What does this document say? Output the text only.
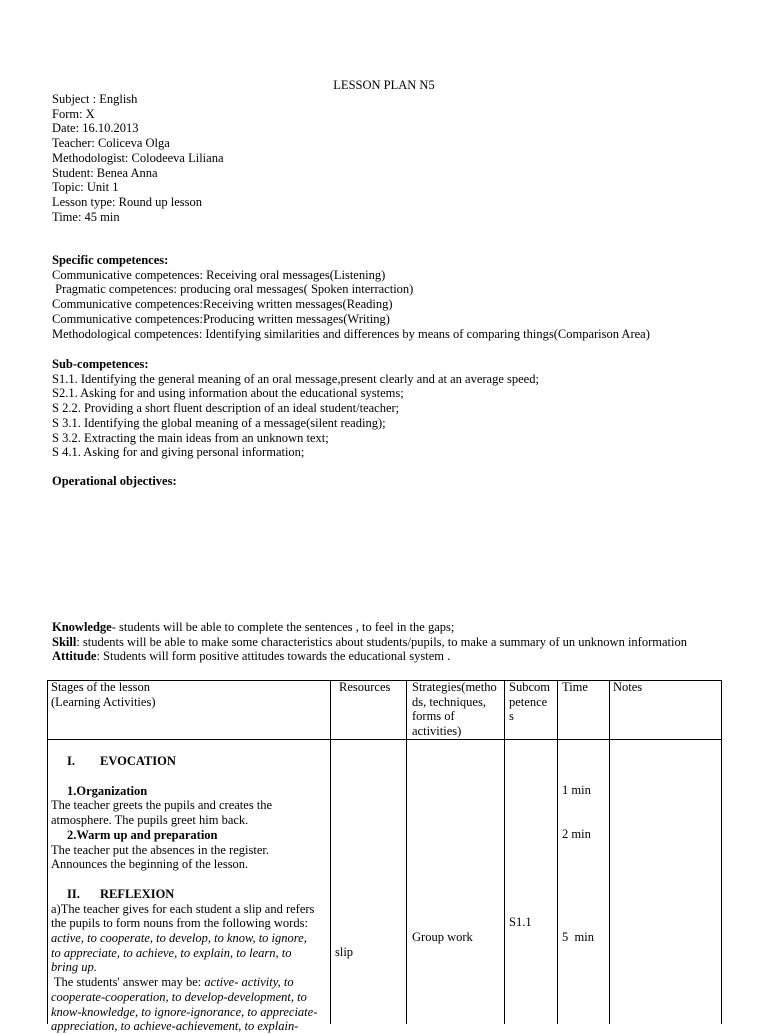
LESSON PLAN N5
Subject : English
Form: X
Date: 16.10.2013
Teacher: Coliceva Olga
Methodologist: Colodeeva Liliana
Student: Benea Anna
Topic: Unit 1
Lesson type: Round up lesson
Time: 45 min
Specific competences:
Communicative competences: Receiving oral messages(Listening)
Pragmatic competences: producing oral messages( Spoken interraction)
Communicative competences:Receiving written messages(Reading)
Communicative competences:Producing written messages(Writing)
Methodological competences: Identifying similarities and differences by means of comparing things(Comparison Area)
Sub-competences:
S1.1. Identifying the general meaning of an oral message,present clearly and at an average speed;
S2.1. Asking for and using information about the educational systems;
S 2.2. Providing a short fluent description of an ideal student/teacher;
S 3.1. Identifying the global meaning of a message(silent reading);
S 3.2. Extracting the main ideas from an unknown text;
S 4.1. Asking for and giving personal information;
Operational objectives:
Knowledge- students will be able to complete the sentences , to feel in the gaps;
Skill: students will be able to make some characteristics about students/pupils, to make a summary of un unknown information
Attitude: Students will form positive attitudes towards the educational system .
Stages of the lesson
(Learning Activities)
Resources Strategies(metho
ds, techniques,
forms of
activities)
Subcom
petence
s
Time Notes
I. EVOCATION
1.Organization
The teacher greets the pupils and creates the
atmosphere. The pupils greet him back.
2.Warm up and preparation
The teacher put the absences in the register.
Announces the beginning of the lesson.
II. REFLEXION
a)The teacher gives for each student a slip and refers
the pupils to form nouns from the following words:
active, to cooperate, to develop, to know, to ignore,
to appreciate, to achieve, to explain, to learn, to
bring up.
The students' answer may be: active- activity, to
cooperate-cooperation, to develop-development, to
know-knowledge, to ignore-ignorance, to appreciate-
appreciation, to achieve-achievement, to explain-
slip
Group work
S1.1
1 min
2 min
5  min
